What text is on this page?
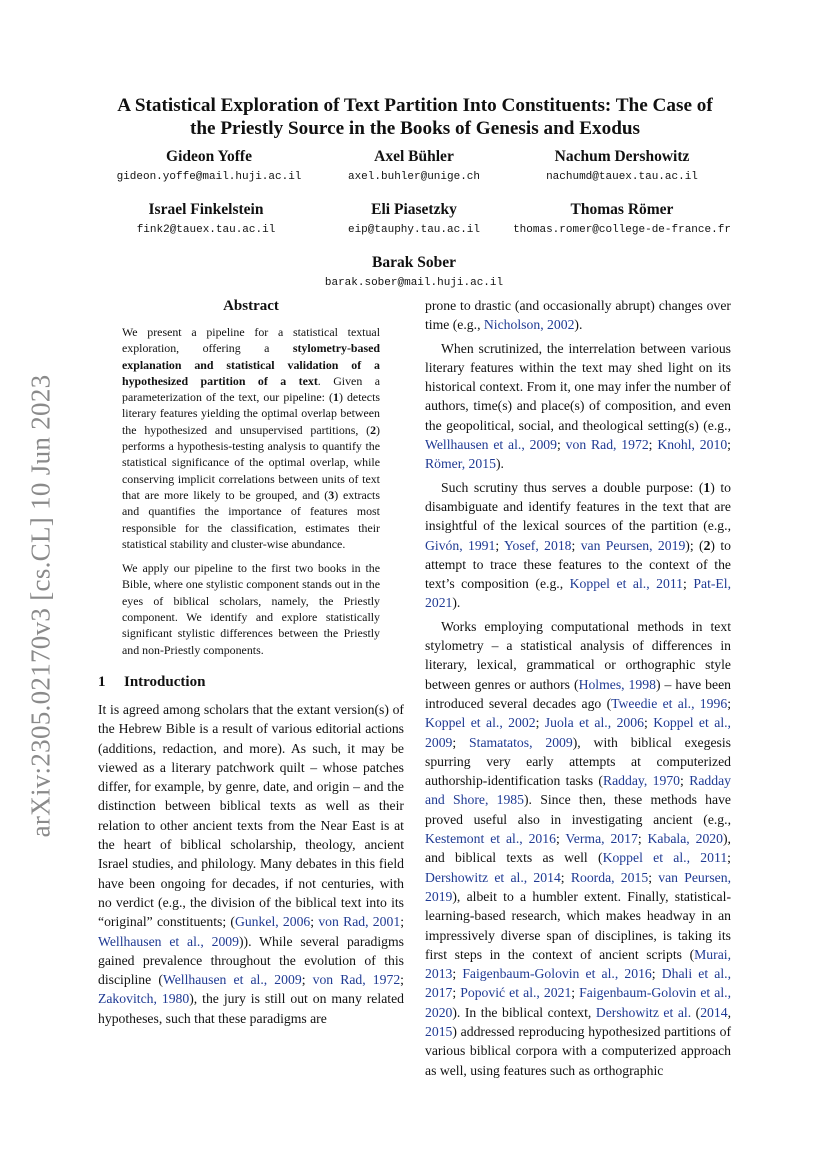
arXiv:2305.02170v3 [cs.CL] 10 Jun 2023
A Statistical Exploration of Text Partition Into Constituents: The Case of
the Priestly Source in the Books of Genesis and Exodus
Gideon Yoffe
gideon.yoffe@mail.huji.ac.il
Axel Bühler
axel.buhler@unige.ch
Nachum Dershowitz
nachumd@tauex.tau.ac.il
Israel Finkelstein
fink2@tauex.tau.ac.il
Eli Piasetzky
eip@tauphy.tau.ac.il
Thomas Römer
thomas.romer@college-de-france.fr
Barak Sober
barak.sober@mail.huji.ac.il
Abstract

We present a pipeline for a statistical textual exploration, offering a stylometry-based explanation and statistical validation of a hypothesized partition of a text. Given a parameterization of the text, our pipeline: (1) detects literary features yielding the optimal overlap between the hypothesized and unsupervised partitions, (2) performs a hypothesis-testing analysis to quantify the statistical significance of the optimal overlap, while conserving implicit correlations between units of text that are more likely to be grouped, and (3) extracts and quantifies the importance of features most responsible for the classification, estimates their statistical stability and cluster-wise abundance.

We apply our pipeline to the first two books in the Bible, where one stylistic component stands out in the eyes of biblical scholars, namely, the Priestly component. We identify and explore statistically significant stylistic differences between the Priestly and non-Priestly components.

1 Introduction

It is agreed among scholars that the extant version(s) of the Hebrew Bible is a result of various editorial actions (additions, redaction, and more). As such, it may be viewed as a literary patchwork quilt – whose patches differ, for example, by genre, date, and origin – and the distinction between biblical texts as well as their relation to other ancient texts from the Near East is at the heart of biblical scholarship, theology, ancient Israel studies, and philology. Many debates in this field have been ongoing for decades, if not centuries, with no verdict (e.g., the division of the biblical text into its “original” constituents; (Gunkel, 2006; von Rad, 2001; Wellhausen et al., 2009)). While several paradigms gained prevalence throughout the evolution of this discipline (Wellhausen et al., 2009; von Rad, 1972; Zakovitch, 1980), the jury is still out on many related hypotheses, such that these paradigms are

prone to drastic (and occasionally abrupt) changes over time (e.g., Nicholson, 2002).

When scrutinized, the interrelation between various literary features within the text may shed light on its historical context. From it, one may infer the number of authors, time(s) and place(s) of composition, and even the geopolitical, social, and theological setting(s) (e.g., Wellhausen et al., 2009; von Rad, 1972; Knohl, 2010; Römer, 2015).

Such scrutiny thus serves a double purpose: (1) to disambiguate and identify features in the text that are insightful of the lexical sources of the partition (e.g., Givón, 1991; Yosef, 2018; van Peursen, 2019); (2) to attempt to trace these features to the context of the text’s composition (e.g., Koppel et al., 2011; Pat-El, 2021).

Works employing computational methods in text stylometry – a statistical analysis of differences in literary, lexical, grammatical or orthographic style between genres or authors (Holmes, 1998) – have been introduced several decades ago (Tweedie et al., 1996; Koppel et al., 2002; Juola et al., 2006; Koppel et al., 2009; Stamatatos, 2009), with biblical exegesis spurring very early attempts at computerized authorship-identification tasks (Radday, 1970; Radday and Shore, 1985). Since then, these methods have proved useful also in investigating ancient (e.g., Kestemont et al., 2016; Verma, 2017; Kabala, 2020), and biblical texts as well (Koppel et al., 2011; Dershowitz et al., 2014; Roorda, 2015; van Peursen, 2019), albeit to a humbler extent. Finally, statistical-learning-based research, which makes headway in an impressively diverse span of disciplines, is taking its first steps in the context of ancient scripts (Murai, 2013; Faigenbaum-Golovin et al., 2016; Dhali et al., 2017; Popović et al., 2021; Faigenbaum-Golovin et al., 2020). In the biblical context, Dershowitz et al. (2014, 2015) addressed reproducing hypothesized partitions of various biblical corpora with a computerized approach as well, using features such as orthographic
